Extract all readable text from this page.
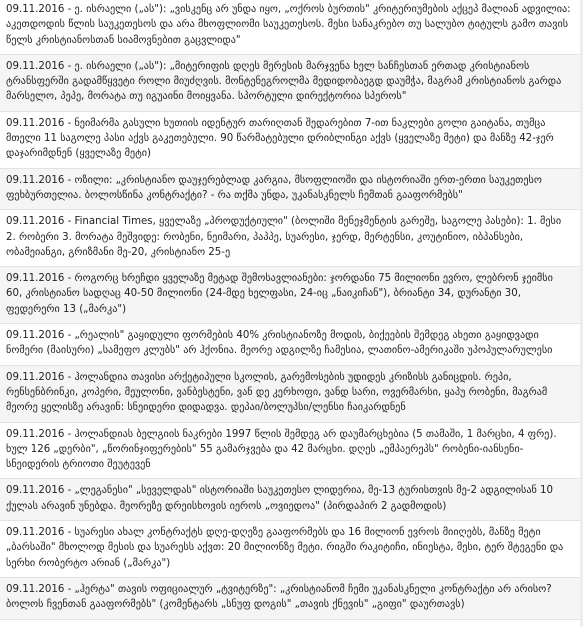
09.11.2016 - ე. ისრაელი („ას"): „ვისკენც არ უნდა იყო, „ოქროს ბურთის" კრიტერიუმების აქცეპ მალიან ადვილია: აკეთდოდის წლის საუკეთესოს და არა მხოფლიომი საუკეთესოს. მესი სანაკრებო თუ სალუბო ტიტულს გამო თავის წელს კრისტიანოსთან სიამოვნებით გაცვლიდა"
09.11.2016 - ე. ისრაელი („ას"): „მიტერიფის დღეს მერესის მარჯვენა ხელ სანჩესთან ერთად კრისტიანოს ტრანსფერში გადამწყვეტი როლი მიუძღვის. მონტენეგროლმა მედიდობაეგდ დაუმჭა, მაგრამ კრისტიანოს გარდა მარსელო, პეპე, მორატა თუ იგუაინი მოიყვანა. სპორტული დირექტორია სპეროს"
09.11.2016 - ნეიმარმა გასული ხუთიის იდენტურ თარიღთან შედარებით 7-ით ნაკლები გოლი გაიტანა, თუმცა მთელი 11 საგოლე პასი აქვს გაკეთებული. 90 წარმატებული დრიბლინგი აქვს (ყველაზე მეტი) და მანზე 42-ჯერ დაჯარიმდნენ (ყველაზე მეტი)
09.11.2016 - ოზილი: „კრისტიანო დაუჯერებლად კარგია, მსოფლიოში და ისტორიაში ერთ-ერთი საუკეთესო ფეხბურთელია. ბოლოსწინა კონტრაქტი? - რა თქმა უნდა, უკანასკნელს ჩემთან გააფორმებს"
09.11.2016 - Financial Times, ყველაზე „პროდუქტიული" (ბოლიში მენეჯმენტის გარეშე, საგოლე პასები): 1. მესი 2. რობერი 3. მორატა მეშვიდე: რობენი, ნეიმარი, პაპპე, სუარესი, ჯერდ, მერტენსი, კოუტინიო, იბპანსები, ობამეიანგი, გრიზმანი მე-20, კრისტიანო 25-ე
09.11.2016 - როგორც ხრეჩდი ყველაზე მეტად შემოსავლიანები: ჯორდანი 75 მილიონი ევრო, ლებრონ ჯეიმსი 60, კრისტიანო სადღაც 40-50 მილიონი (24-მდე ხელფასი, 24-იც „ნაიკიჩან"), ბრიანტი 34, დურანტი 30, ფედერერი 13 („მარკა")
09.11.2016 - „რეალის" გაყიდული ფორმების 40% კრისტიანოზე მოდის, ბიქეების შემდეგ ახეთი გაყიდვადი ნომერი (მაისური) „სამეფო კლუბს" არ ჰქონია. მეორე ადგილზე ჩამესია, ლათინო-ამერიკაში უპოპულარულესი
09.11.2016 - ჰოლანდია თავისი არქეტიპული სკოლის, გარემოსების უდიდეს კრიზისს განიცდის. რეპი, რენსენბრინკი, კოპერი, მეულონი, ვანბესტენი, ვან დე კერხოფი, ვანდ სარი, ოვერმარსი, ყაპუ რობენი, მაგრამ მეორე ყელისზე არავინ: სნეიდერი დიდადვა. დეპაი/ბოლუპსი/ლენსი ჩაიკარდნენ
09.11.2016 - ჰოლანდიას ბელგიის ნაკრები 1997 წლის შემდეგ არ დაუმარცხებია (5 თამაში, 1 მარცხი, 4 ფრე). ხულ 126 „დერბი", „წორინჯიფერების" 55 გამარჯვება და 42 მარცხი. დღეს „ემპაერეპს" რობენი-იანსენი-სნეიდერის ტრიოთი შეუტევენ
09.11.2016 - „ლეგანესი" „სეველდას" ისტორიაში საუკეთესო ლიდერია, მე-13 ტურისთვის მე-2 ადგილისან 10 ქულას არავინ უნებდა. მეორეზე დრეისხოვის იეროს „ოვიედოა" (პირდაპირ 2 გადმოდის)
09.11.2016 - სუარესი ახალ კონტრაქტს დღე-დღეზე გააფორმებს და 16 მილიონ ევროს მიიღებს, მანზე მეტი „ბარსაში" მხოლოდ მესის და სუარესს აქვთ: 20 მილიონზე მეტი. რიგში რაკიტიჩი, ინიესტა, მესი, ტერ შტეგენი და სერხი რობერტო არიან („მარკა")
09.11.2016 - „ჰერტა" თავის ოფიციალურ „ტვიტერზე": „კრისტიანომ ჩემი უკანასკნელი კონტრაქტი არ არისო? ბოლოს ჩვენთან გააფორმებს" (კომენტარს „სნუფ დოგის" „თავის ქნევის" „გიფი" დაურთავს)
